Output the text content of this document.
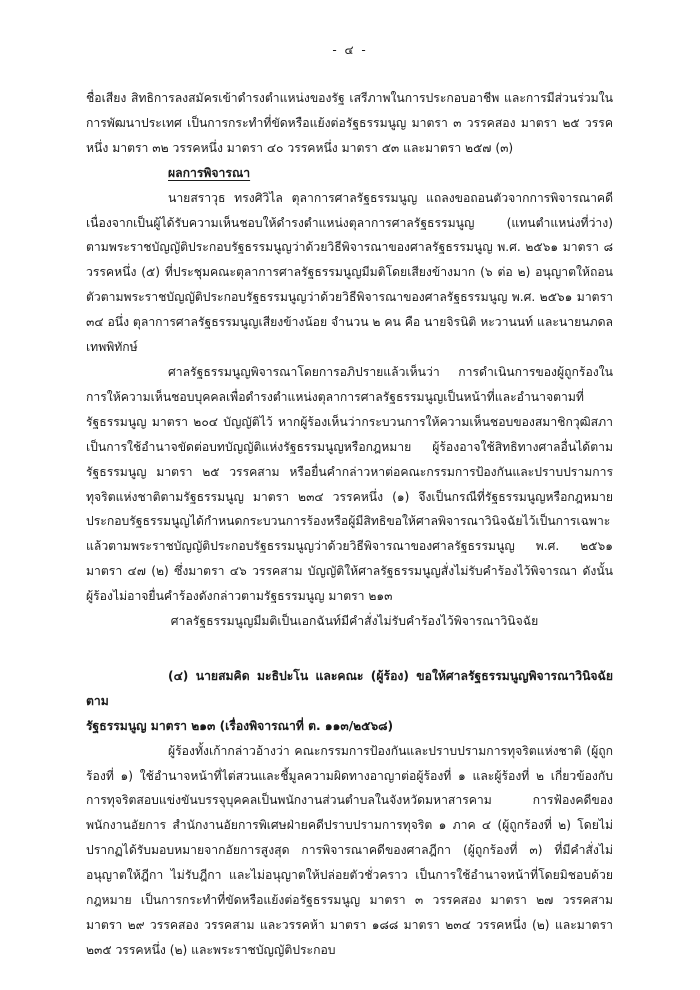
- ๔ -

ชื่อเสียง สิทธิการลงสมัครเข้าดำรงตำแหน่งของรัฐ เสรีภาพในการประกอบอาชีพ และการมีส่วนร่วมในการพัฒนาประเทศ เป็นการกระทำที่ขัดหรือแย้งต่อรัฐธรรมนูญ มาตรา ๓ วรรคสอง มาตรา ๒๕ วรรคหนึ่ง มาตรา ๓๒ วรรคหนึ่ง มาตรา ๔๐ วรรคหนึ่ง มาตรา ๕๓ และมาตรา ๒๕๗ (๓)

ผลการพิจารณา

นายสราวุธ ทรงศิวิไล ตุลาการศาลรัฐธรรมนูญ แถลงขอถอนตัวจากการพิจารณาคดี เนื่องจากเป็นผู้ได้รับความเห็นชอบให้ดำรงตำแหน่งตุลาการศาลรัฐธรรมนูญ (แทนตำแหน่งที่ว่าง) ตามพระราชบัญญัติประกอบรัฐธรรมนูญว่าด้วยวิธีพิจารณาของศาลรัฐธรรมนูญ พ.ศ. ๒๕๖๑ มาตรา ๘ วรรคหนึ่ง (๕) ที่ประชุมคณะตุลาการศาลรัฐธรรมนูญมีมติโดยเสียงข้างมาก (๖ ต่อ ๒) อนุญาตให้ถอนตัวตามพระราชบัญญัติประกอบรัฐธรรมนูญว่าด้วยวิธีพิจารณาของศาลรัฐธรรมนูญ พ.ศ. ๒๕๖๑ มาตรา ๓๔ อนึ่ง ตุลาการศาลรัฐธรรมนูญเสียงข้างน้อย จำนวน ๒ คน คือ นายจิรนิติ หะวานนท์ และนายนภดล เทพพิทักษ์

ศาลรัฐธรรมนูญพิจารณาโดยการอภิปรายแล้วเห็นว่า การดำเนินการของผู้ถูกร้องในการให้ความเห็นชอบบุคคลเพื่อดำรงตำแหน่งตุลาการศาลรัฐธรรมนูญเป็นหน้าที่และอำนาจตามที่รัฐธรรมนูญ มาตรา ๒๐๔ บัญญัติไว้ หากผู้ร้องเห็นว่ากระบวนการให้ความเห็นชอบของสมาชิกวุฒิสภาเป็นการใช้อำนาจขัดต่อบทบัญญัติแห่งรัฐธรรมนูญหรือกฎหมาย ผู้ร้องอาจใช้สิทธิทางศาลอื่นได้ตามรัฐธรรมนูญ มาตรา ๒๕ วรรคสาม หรือยื่นคำกล่าวหาต่อคณะกรรมการป้องกันและปราบปรามการทุจริตแห่งชาติตามรัฐธรรมนูญ มาตรา ๒๓๔ วรรคหนึ่ง (๑) จึงเป็นกรณีที่รัฐธรรมนูญหรือกฎหมายประกอบรัฐธรรมนูญได้กำหนดกระบวนการร้องหรือผู้มีสิทธิขอให้ศาลพิจารณาวินิจฉัยไว้เป็นการเฉพาะแล้วตามพระราชบัญญัติประกอบรัฐธรรมนูญว่าด้วยวิธีพิจารณาของศาลรัฐธรรมนูญ พ.ศ. ๒๕๖๑ มาตรา ๔๗ (๒) ซึ่งมาตรา ๔๖ วรรคสาม บัญญัติให้ศาลรัฐธรรมนูญสั่งไม่รับคำร้องไว้พิจารณา ดังนั้น ผู้ร้องไม่อาจยื่นคำร้องดังกล่าวตามรัฐธรรมนูญ มาตรา ๒๑๓

ศาลรัฐธรรมนูญมีมติเป็นเอกฉันท์มีคำสั่งไม่รับคำร้องไว้พิจารณาวินิจฉัย

(๔) นายสมคิด มะธิปะโน และคณะ (ผู้ร้อง) ขอให้ศาลรัฐธรรมนูญพิจารณาวินิจฉัยตาม
รัฐธรรมนูญ มาตรา ๒๑๓ (เรื่องพิจารณาที่ ต. ๑๑๓/๒๕๖๘)

ผู้ร้องทั้งเก้ากล่าวอ้างว่า คณะกรรมการป้องกันและปราบปรามการทุจริตแห่งชาติ (ผู้ถูกร้องที่ ๑) ใช้อำนาจหน้าที่ไต่สวนและชี้มูลความผิดทางอาญาต่อผู้ร้องที่ ๑ และผู้ร้องที่ ๒ เกี่ยวข้องกับการทุจริตสอบแข่งขันบรรจุบุคคลเป็นพนักงานส่วนตำบลในจังหวัดมหาสารคาม การฟ้องคดีของพนักงานอัยการ สำนักงานอัยการพิเศษฝ่ายคดีปราบปรามการทุจริต ๑ ภาค ๔ (ผู้ถูกร้องที่ ๒) โดยไม่ปรากฏได้รับมอบหมายจากอัยการสูงสุด การพิจารณาคดีของศาลฎีกา (ผู้ถูกร้องที่ ๓) ที่มีคำสั่งไม่อนุญาตให้ฎีกา ไม่รับฎีกา และไม่อนุญาตให้ปล่อยตัวชั่วคราว เป็นการใช้อำนาจหน้าที่โดยมิชอบด้วยกฎหมาย เป็นการกระทำที่ขัดหรือแย้งต่อรัฐธรรมนูญ มาตรา ๓ วรรคสอง มาตรา ๒๗ วรรคสาม มาตรา ๒๙ วรรคสอง วรรคสาม และวรรคห้า มาตรา ๑๘๘ มาตรา ๒๓๔ วรรคหนึ่ง (๒) และมาตรา ๒๓๕ วรรคหนึ่ง (๒) และพระราชบัญญัติประกอบ
